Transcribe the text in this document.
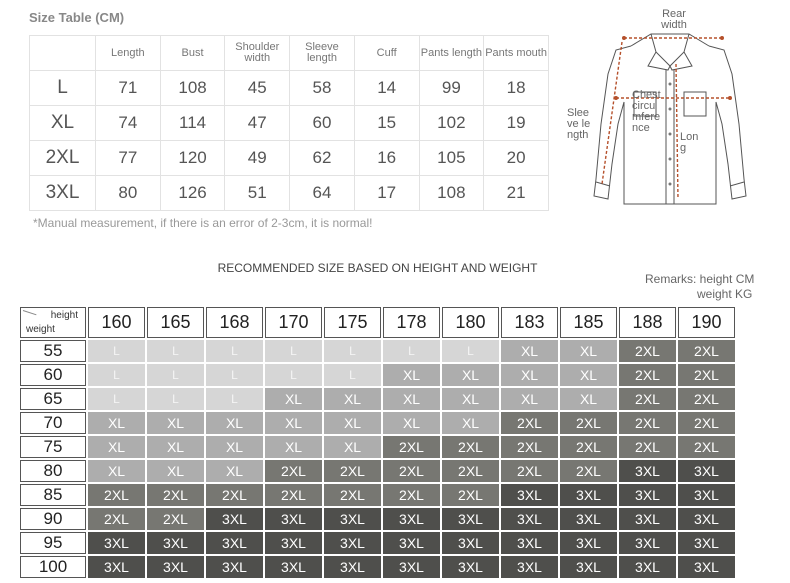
Size Table (CM)
	Length	Bust	Shoulder width	Sleeve length	Cuff	Pants length	Pants mouth
L	71	108	45	58	14	99	18
XL	74	114	47	60	15	102	19
2XL	77	120	49	62	16	105	20
3XL	80	126	51	64	17	108	21
*Manual measurement, if there is an error of 2-3cm, it is normal!
Rear width
Sleeve length
Chest circumference
Long
RECOMMENDED SIZE BASED ON HEIGHT AND WEIGHT
Remarks: height CM
weight KG
height
weight	160	165	168	170	175	178	180	183	185	188	190
55	L	L	L	L	L	L	L	XL	XL	2XL	2XL
60	L	L	L	L	L	XL	XL	XL	XL	2XL	2XL
65	L	L	L	XL	XL	XL	XL	XL	XL	2XL	2XL
70	XL	XL	XL	XL	XL	XL	XL	2XL	2XL	2XL	2XL
75	XL	XL	XL	XL	XL	2XL	2XL	2XL	2XL	2XL	2XL
80	XL	XL	XL	2XL	2XL	2XL	2XL	2XL	2XL	3XL	3XL
85	2XL	2XL	2XL	2XL	2XL	2XL	2XL	3XL	3XL	3XL	3XL
90	2XL	2XL	3XL	3XL	3XL	3XL	3XL	3XL	3XL	3XL	3XL
95	3XL	3XL	3XL	3XL	3XL	3XL	3XL	3XL	3XL	3XL	3XL
100	3XL	3XL	3XL	3XL	3XL	3XL	3XL	3XL	3XL	3XL	3XL
